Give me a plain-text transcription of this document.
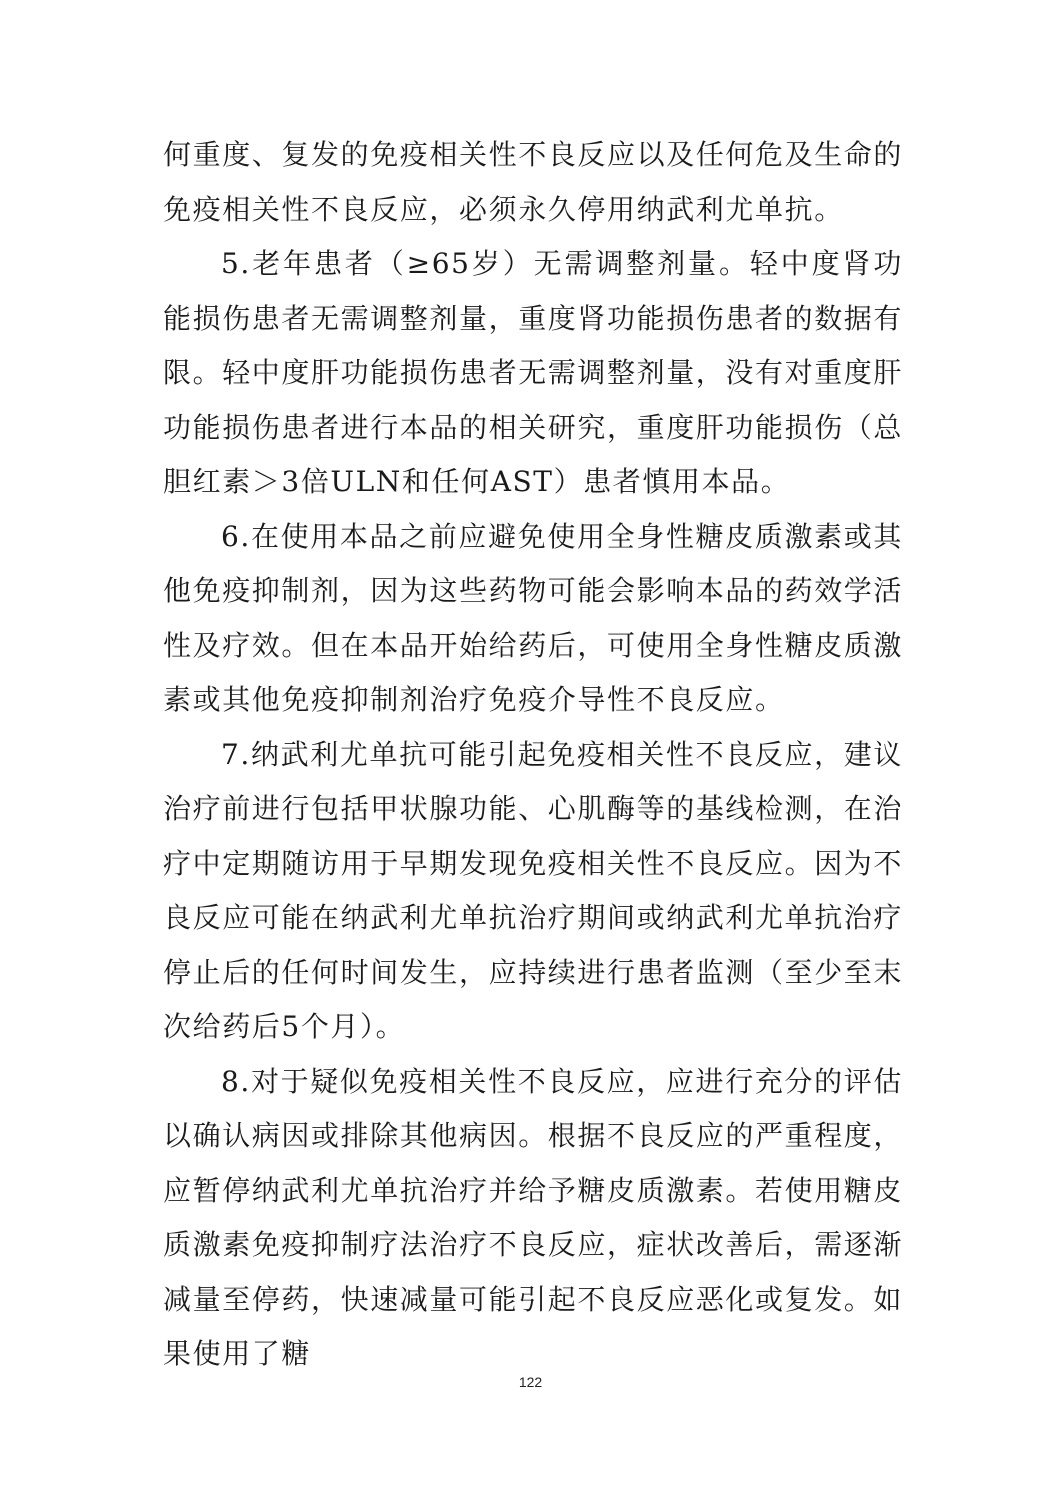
何重度、复发的免疫相关性不良反应以及任何危及生命的免疫相关性不良反应，必须永久停用纳武利尤单抗。

5.老年患者（≥65岁）无需调整剂量。轻中度肾功能损伤患者无需调整剂量，重度肾功能损伤患者的数据有限。轻中度肝功能损伤患者无需调整剂量，没有对重度肝功能损伤患者进行本品的相关研究，重度肝功能损伤（总胆红素＞3倍ULN和任何AST）患者慎用本品。

6.在使用本品之前应避免使用全身性糖皮质激素或其他免疫抑制剂，因为这些药物可能会影响本品的药效学活性及疗效。但在本品开始给药后，可使用全身性糖皮质激素或其他免疫抑制剂治疗免疫介导性不良反应。

7.纳武利尤单抗可能引起免疫相关性不良反应，建议治疗前进行包括甲状腺功能、心肌酶等的基线检测，在治疗中定期随访用于早期发现免疫相关性不良反应。因为不良反应可能在纳武利尤单抗治疗期间或纳武利尤单抗治疗停止后的任何时间发生，应持续进行患者监测（至少至末次给药后5个月）。

8.对于疑似免疫相关性不良反应，应进行充分的评估以确认病因或排除其他病因。根据不良反应的严重程度，应暂停纳武利尤单抗治疗并给予糖皮质激素。若使用糖皮质激素免疫抑制疗法治疗不良反应，症状改善后，需逐渐减量至停药，快速减量可能引起不良反应恶化或复发。如果使用了糖

122
